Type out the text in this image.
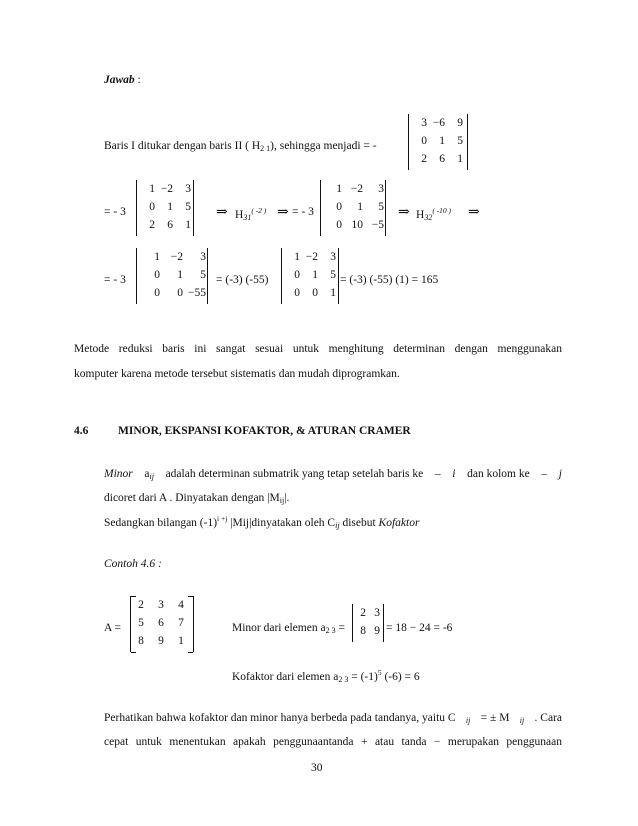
Jawab :
Baris I ditukar dengan baris II ( $H_{2 1}$), sehingga menjadi = -
3 −6	9
0	1	5
2	6	1
= - 3
1 −2	3
0	1	5
2	6	1
⇒ $H_{31}^{( -2 )}$ ⇒ = - 3
1 −2	3
0	1	5
0 10 −5
⇒ $H_{32}^{( -10 )}$ ⇒
= - 3
1 −2	3
0	1	5
0	0 −55
= (-3) (-55)
1 −2	3
0	1	5
0	0	1
= (-3) (-55) (1) = 165
Metode reduksi baris ini sangat sesuai untuk menghitung determinan dengan menggunakan
komputer karena metode tersebut sistematis dan mudah diprogramkan.
4.6	MINOR, EKSPANSI KOFAKTOR, & ATURAN CRAMER
Minor $a_{ij}$ adalah determinan submatrik yang tetap setelah baris ke – i dan kolom ke – j
dicoret dari A . Dinyatakan dengan $|M_{ij}|$.
Sedangkan bilangan $(-1)^{i +j}$ |Mij|dinyatakan oleh $C_{ij}$ disebut Kofaktor
Contoh 4.6 :
A =
2	3	4
5	6	7
8	9	1
Minor dari elemen $a_{2 3}$ =
2 3
8 9 = 18 − 24 = -6
Kofaktor dari elemen $a_{2 3} = (-1)^5$ (-6) = 6
Perhatikan bahwa kofaktor dan minor hanya berbeda pada tandanya, yaitu C $_{ij}$ = ± M $_{ij}$ . Cara
cepat untuk menentukan apakah penggunaantanda + atau tanda − merupakan penggunaan
30
